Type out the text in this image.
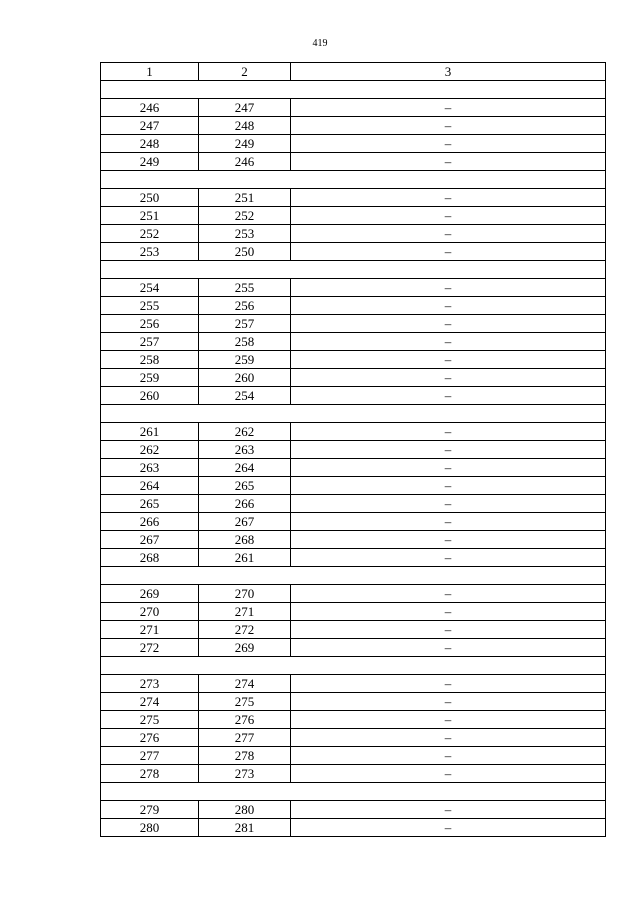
419
1	2	3

246	247	–
247	248	–
248	249	–
249	246	–

250	251	–
251	252	–
252	253	–
253	250	–

254	255	–
255	256	–
256	257	–
257	258	–
258	259	–
259	260	–
260	254	–

261	262	–
262	263	–
263	264	–
264	265	–
265	266	–
266	267	–
267	268	–
268	261	–

269	270	–
270	271	–
271	272	–
272	269	–

273	274	–
274	275	–
275	276	–
276	277	–
277	278	–
278	273	–

279	280	–
280	281	–
